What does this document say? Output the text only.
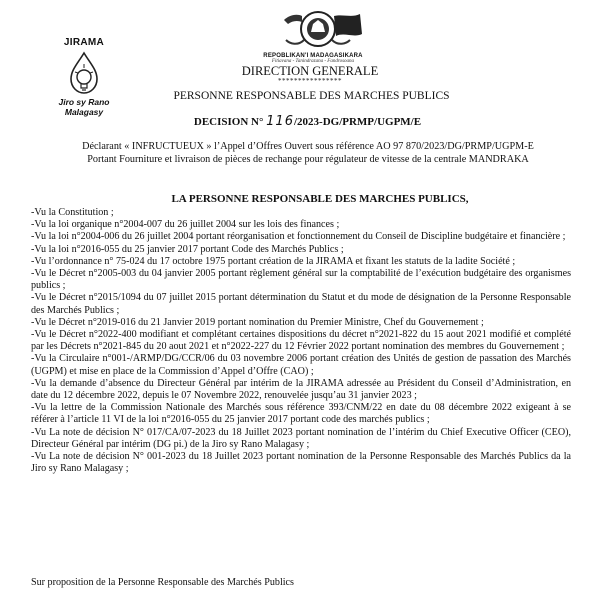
JIRAMA
Jiro sy Rano Malagasy
REPOBLIKAN'I MADAGASIKARA
Fitiavana - Tanindrazana - Fandrosoana
DIRECTION GENERALE
****************
PERSONNE RESPONSABLE DES MARCHES PUBLICS
DECISION N° 116/2023-DG/PRMP/UGPM/E
Déclarant « INFRUCTUEUX » l’Appel d’Offres Ouvert sous référence AO 97 870/2023/DG/PRMP/UGPM-E
Portant Fourniture et livraison de pièces de rechange pour régulateur de vitesse de la centrale MANDRAKA
LA PERSONNE RESPONSABLE DES MARCHES PUBLICS,

-Vu la Constitution ;

-Vu la loi organique n°2004-007 du 26 juillet 2004 sur les lois des finances ;

-Vu la loi n°2004-006 du 26 juillet 2004 portant réorganisation et fonctionnement du Conseil de Discipline budgétaire et financière ;

-Vu la loi n°2016-055 du 25 janvier 2017 portant Code des Marchés Publics ;

-Vu l’ordonnance n° 75-024 du 17 octobre 1975 portant création de la JIRAMA et fixant les statuts de la ladite Société ;

-Vu le Décret n°2005-003 du 04 janvier 2005 portant règlement général sur la comptabilité de l’exécution budgétaire des organismes publics ;

-Vu le Décret n°2015/1094 du 07 juillet 2015 portant détermination du Statut et du mode de désignation de la Personne Responsable des Marchés Publics ;

-Vu le Décret n°2019-016 du 21 Janvier 2019 portant nomination du Premier Ministre, Chef du Gouvernement ;

-Vu le Décret n°2022-400 modifiant et complétant certaines dispositions du décret n°2021-822 du 15 aout 2021 modifié et complété par les Décrets n°2021-845 du 20 aout 2021 et n°2022-227 du 12 Février 2022 portant nomination des membres du Gouvernement ;

-Vu la Circulaire n°001-/ARMP/DG/CCR/06 du 03 novembre 2006 portant création des Unités de gestion de passation des Marchés (UGPM) et mise en place de la Commission d’Appel d’Offre (CAO) ;

-Vu la demande d’absence du Directeur Général par intérim de la JIRAMA adressée au Président du Conseil d’Administration, en date du 12 décembre 2022, depuis le 07 Novembre 2022, renouvelée jusqu’au 31 janvier 2023 ;

-Vu la lettre de la Commission Nationale des Marchés sous référence 393/CNM/22 en date du 08 décembre 2022 exigeant à se référer à l’article 11 VI de la loi n°2016-055 du 25 janvier 2017 portant code des marchés publics ;

-Vu La note de décision N° 017/CA/07-2023 du 18 Juillet 2023 portant nomination de l’intérim du Chief Executive Officer (CEO), Directeur Général par intérim (DG pi.) de la Jiro sy Rano Malagasy ;

-Vu La note de décision N° 001-2023 du 18 Juillet 2023 portant nomination de la Personne Responsable des Marchés Publics da la Jiro sy Rano Malagasy ;

Sur proposition de la Personne Responsable des Marchés Publics
